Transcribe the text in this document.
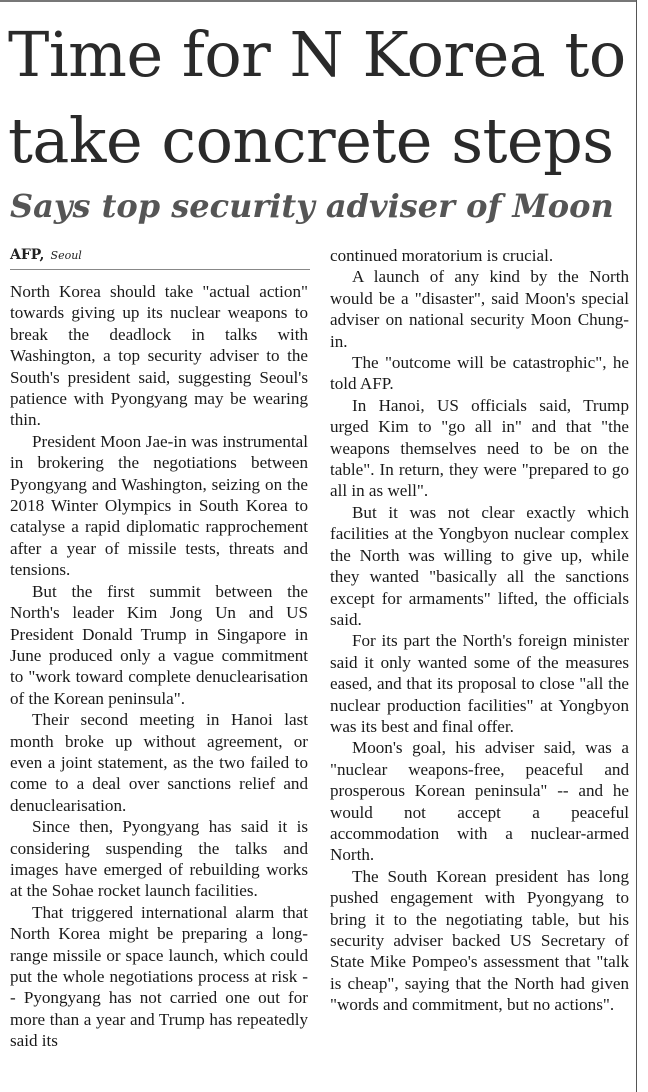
Time for N Korea to take concrete steps
Says top security adviser of Moon
AFP, Seoul

North Korea should take "actual action" towards giving up its nuclear weapons to break the deadlock in talks with Washington, a top security adviser to the South's president said, suggesting Seoul's patience with Pyongyang may be wearing thin.

President Moon Jae-in was instrumental in brokering the negotiations between Pyongyang and Washington, seizing on the 2018 Winter Olympics in South Korea to catalyse a rapid diplomatic rapprochement after a year of missile tests, threats and tensions.

But the first summit between the North's leader Kim Jong Un and US President Donald Trump in Singapore in June produced only a vague commitment to "work toward complete denuclearisation of the Korean peninsula".

Their second meeting in Hanoi last month broke up without agreement, or even a joint statement, as the two failed to come to a deal over sanctions relief and denuclearisation.

Since then, Pyongyang has said it is considering suspending the talks and images have emerged of rebuilding works at the Sohae rocket launch facilities.

That triggered international alarm that North Korea might be preparing a long-range missile or space launch, which could put the whole negotiations process at risk -- Pyongyang has not carried one out for more than a year and Trump has repeatedly said its

continued moratorium is crucial.

A launch of any kind by the North would be a "disaster", said Moon's special adviser on national security Moon Chung-in.

The "outcome will be catastrophic", he told AFP.

In Hanoi, US officials said, Trump urged Kim to "go all in" and that "the weapons themselves need to be on the table". In return, they were "prepared to go all in as well".

But it was not clear exactly which facilities at the Yongbyon nuclear complex the North was willing to give up, while they wanted "basically all the sanctions except for armaments" lifted, the officials said.

For its part the North's foreign minister said it only wanted some of the measures eased, and that its proposal to close "all the nuclear production facilities" at Yongbyon was its best and final offer.

Moon's goal, his adviser said, was a "nuclear weapons-free, peaceful and prosperous Korean peninsula" -- and he would not accept a peaceful accommodation with a nuclear-armed North.

The South Korean president has long pushed engagement with Pyongyang to bring it to the negotiating table, but his security adviser backed US Secretary of State Mike Pompeo's assessment that "talk is cheap", saying that the North had given "words and commitment, but no actions".
